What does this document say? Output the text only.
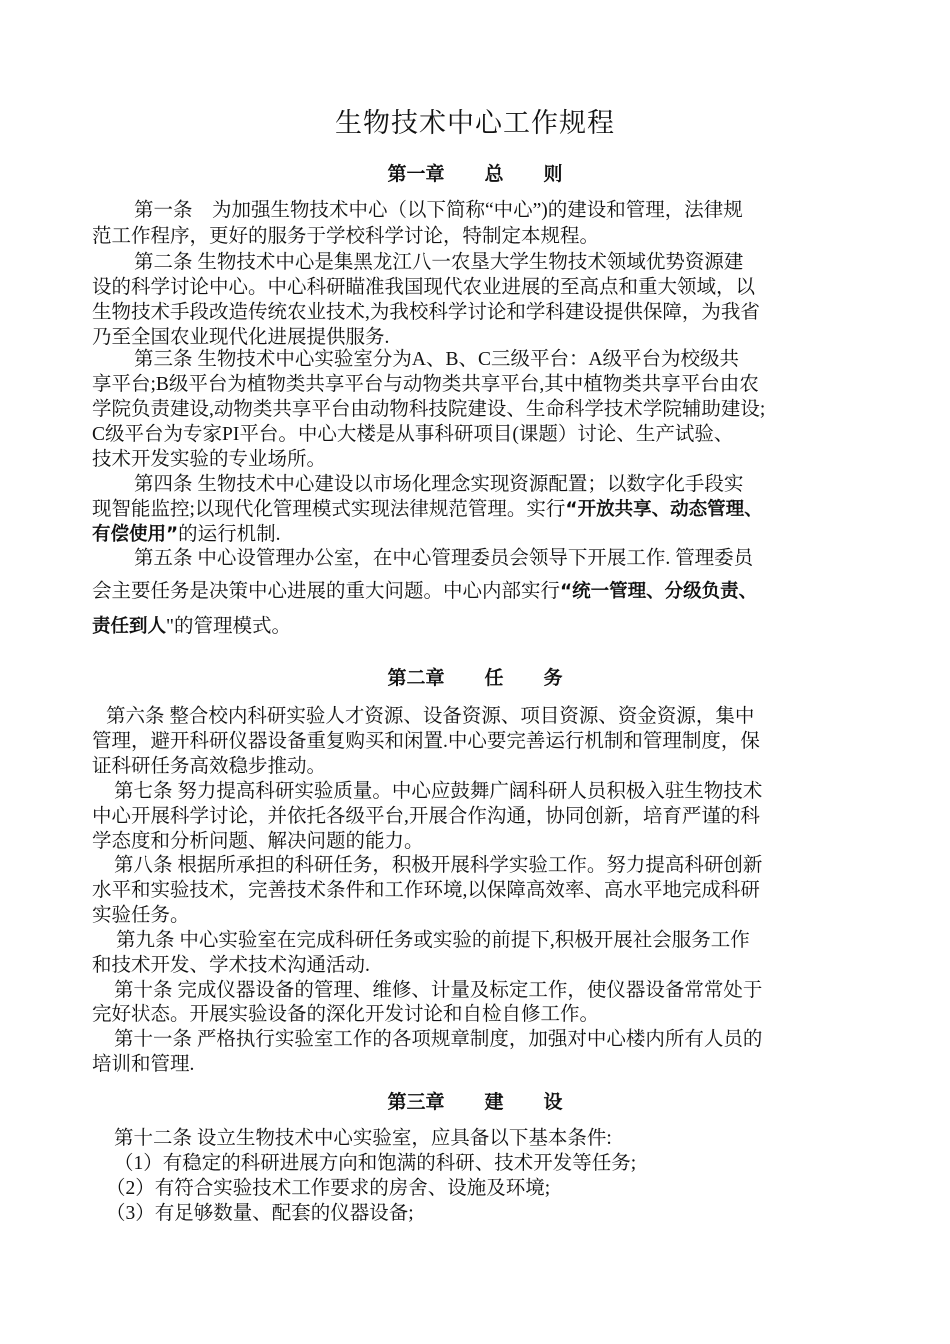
生物技术中心工作规程
第一章 总 则
第一条　为加强生物技术中心（以下简称“中心”)的建设和管理，法律规
范工作程序，更好的服务于学校科学讨论，特制定本规程。
第二条 生物技术中心是集黑龙江八一农垦大学生物技术领域优势资源建
设的科学讨论中心。中心科研瞄准我国现代农业进展的至高点和重大领域，以
生物技术手段改造传统农业技术,为我校科学讨论和学科建设提供保障，为我省
乃至全国农业现代化进展提供服务.
第三条 生物技术中心实验室分为A、B、C三级平台：A级平台为校级共
享平台;B级平台为植物类共享平台与动物类共享平台,其中植物类共享平台由农
学院负责建设,动物类共享平台由动物科技院建设、生命科学技术学院辅助建设;
C级平台为专家PI平台。中心大楼是从事科研项目(课题）讨论、生产试验、
技术开发实验的专业场所。
第四条 生物技术中心建设以市场化理念实现资源配置；以数字化手段实
现智能监控;以现代化管理模式实现法律规范管理。实行“开放共享、动态管理、
有偿使用”的运行机制.
第五条 中心设管理办公室，在中心管理委员会领导下开展工作. 管理委员
会主要任务是决策中心进展的重大问题。中心内部实行“统一管理、分级负责、
责任到人"的管理模式。
第二章 任 务
第六条 整合校内科研实验人才资源、设备资源、项目资源、资金资源，集中
管理，避开科研仪器设备重复购买和闲置.中心要完善运行机制和管理制度，保
证科研任务高效稳步推动。
第七条 努力提高科研实验质量。中心应鼓舞广阔科研人员积极入驻生物技术
中心开展科学讨论，并依托各级平台,开展合作沟通，协同创新，培育严谨的科
学态度和分析问题、解决问题的能力。
第八条 根据所承担的科研任务，积极开展科学实验工作。努力提高科研创新
水平和实验技术，完善技术条件和工作环境,以保障高效率、高水平地完成科研
实验任务。
第九条 中心实验室在完成科研任务或实验的前提下,积极开展社会服务工作
和技术开发、学术技术沟通活动.
第十条 完成仪器设备的管理、维修、计量及标定工作，使仪器设备常常处于
完好状态。开展实验设备的深化开发讨论和自检自修工作。
第十一条 严格执行实验室工作的各项规章制度，加强对中心楼内所有人员的
培训和管理.
第三章 建 设
第十二条 设立生物技术中心实验室，应具备以下基本条件:
（1）有稳定的科研进展方向和饱满的科研、技术开发等任务;
（2）有符合实验技术工作要求的房舍、设施及环境;
（3）有足够数量、配套的仪器设备;
